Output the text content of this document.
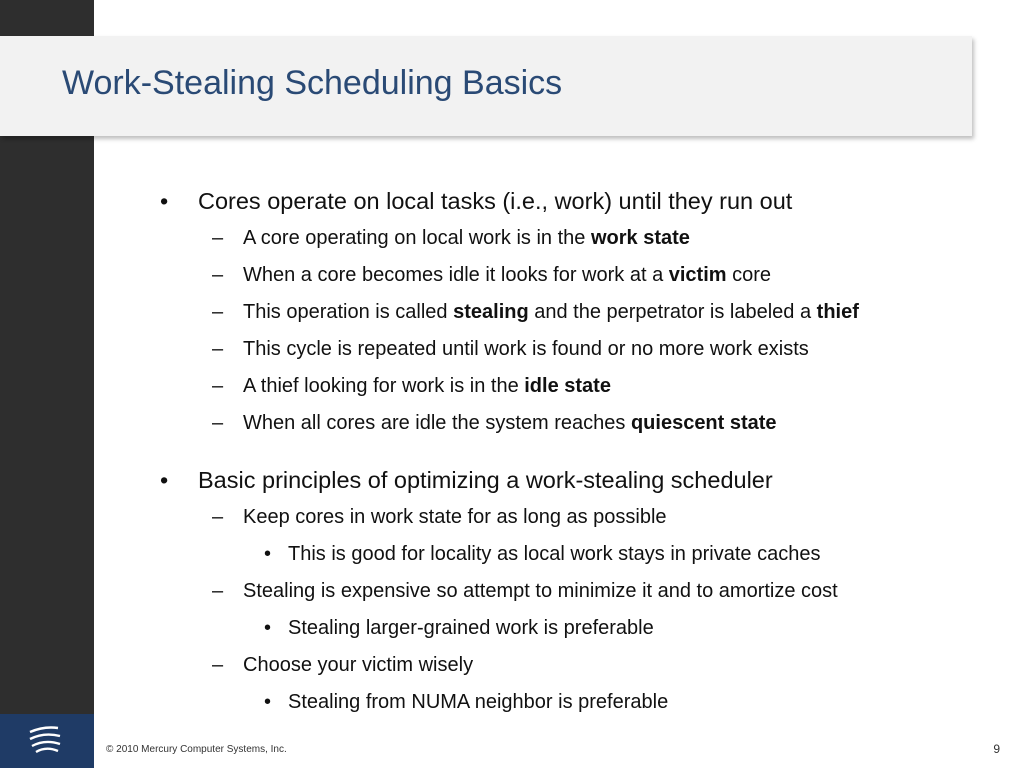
Work-Stealing Scheduling Basics
• Cores operate on local tasks (i.e., work) until they run out
– A core operating on local work is in the work state
– When a core becomes idle it looks for work at a victim core
– This operation is called stealing and the perpetrator is labeled a thief
– This cycle is repeated until work is found or no more work exists
– A thief looking for work is in the idle state
– When all cores are idle the system reaches quiescent state
• Basic principles of optimizing a work-stealing scheduler
– Keep cores in work state for as long as possible
• This is good for locality as local work stays in private caches
– Stealing is expensive so attempt to minimize it and to amortize cost
• Stealing larger-grained work is preferable
– Choose your victim wisely
• Stealing from NUMA neighbor is preferable
© 2010 Mercury Computer Systems, Inc.	9
